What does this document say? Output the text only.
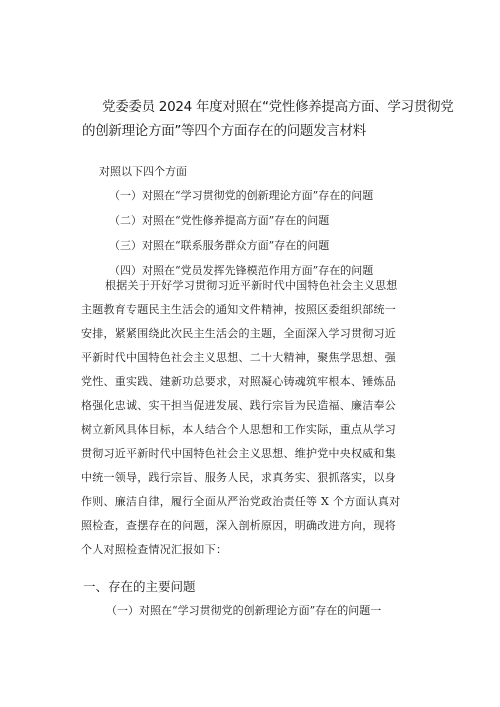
党委委员 2024 年度对照在“党性修养提高方面、学习贯彻党
的创新理论方面”等四个方面存在的问题发言材料
对照以下四个方面
（一）对照在“学习贯彻党的创新理论方面”存在的问题
（二）对照在“党性修养提高方面”存在的问题
（三）对照在“联系服务群众方面”存在的问题
（四）对照在“党员发挥先锋模范作用方面”存在的问题
根据关于开好学习贯彻习近平新时代中国特色社会主义思想
主题教育专题民主生活会的通知文件精神，按照区委组织部统一
安排，紧紧围绕此次民主生活会的主题，全面深入学习贯彻习近
平新时代中国特色社会主义思想、二十大精神，聚焦学思想、强
党性、重实践、建新功总要求，对照凝心铸魂筑牢根本、锤炼品
格强化忠诚、实干担当促进发展、践行宗旨为民造福、廉洁奉公
树立新风具体目标，本人结合个人思想和工作实际，重点从学习
贯彻习近平新时代中国特色社会主义思想、维护党中央权威和集
中统一领导，践行宗旨、服务人民，求真务实、狠抓落实，以身
作则、廉洁自律，履行全面从严治党政治责任等 X 个方面认真对
照检查，查摆存在的问题，深入剖析原因，明确改进方向，现将
个人对照检查情况汇报如下：
一、存在的主要问题
（一）对照在“学习贯彻党的创新理论方面”存在的问题一
